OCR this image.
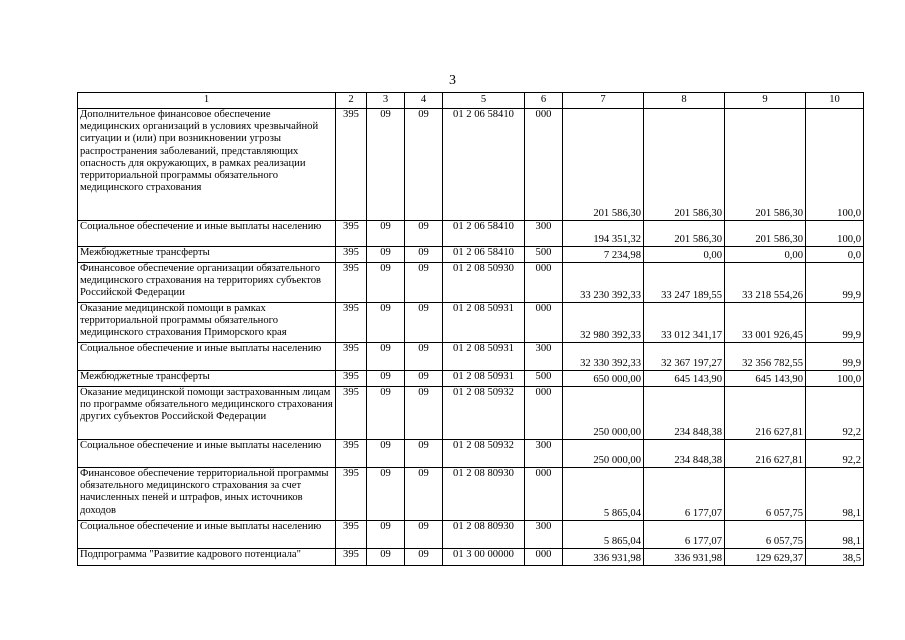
3
1	2	3	4	5	6	7	8	9	10
Дополнительное финансовое обеспечение медицинских организаций в условиях чрезвычайной ситуации и (или) при возникновении угрозы распространения заболеваний, представляющих опасность для окружающих, в рамках реализации территориальной программы обязательного медицинского страхования	395	09	09	01 2 06 58410	000	201 586,30	201 586,30	201 586,30	100,0
Социальное обеспечение и иные выплаты населению	395	09	09	01 2 06 58410	300	194 351,32	201 586,30	201 586,30	100,0
Межбюджетные трансферты	395	09	09	01 2 06 58410	500	7 234,98	0,00	0,00	0,0
Финансовое обеспечение организации обязательного медицинского страхования на территориях субъектов Российской Федерации	395	09	09	01 2 08 50930	000	33 230 392,33	33 247 189,55	33 218 554,26	99,9
Оказание медицинской помощи в рамках территориальной программы обязательного медицинского страхования Приморского края	395	09	09	01 2 08 50931	000	32 980 392,33	33 012 341,17	33 001 926,45	99,9
Социальное обеспечение и иные выплаты населению	395	09	09	01 2 08 50931	300	32 330 392,33	32 367 197,27	32 356 782,55	99,9
Межбюджетные трансферты	395	09	09	01 2 08 50931	500	650 000,00	645 143,90	645 143,90	100,0
Оказание медицинской помощи застрахованным лицам по программе обязательного медицинского страхования других субъектов Российской Федерации	395	09	09	01 2 08 50932	000	250 000,00	234 848,38	216 627,81	92,2
Социальное обеспечение и иные выплаты населению	395	09	09	01 2 08 50932	300	250 000,00	234 848,38	216 627,81	92,2
Финансовое обеспечение территориальной программы обязательного медицинского страхования за счет начисленных пеней и штрафов, иных источников доходов	395	09	09	01 2 08 80930	000	5 865,04	6 177,07	6 057,75	98,1
Социальное обеспечение и иные выплаты населению	395	09	09	01 2 08 80930	300	5 865,04	6 177,07	6 057,75	98,1
Подпрограмма "Развитие кадрового потенциала"	395	09	09	01 3 00 00000	000	336 931,98	336 931,98	129 629,37	38,5
